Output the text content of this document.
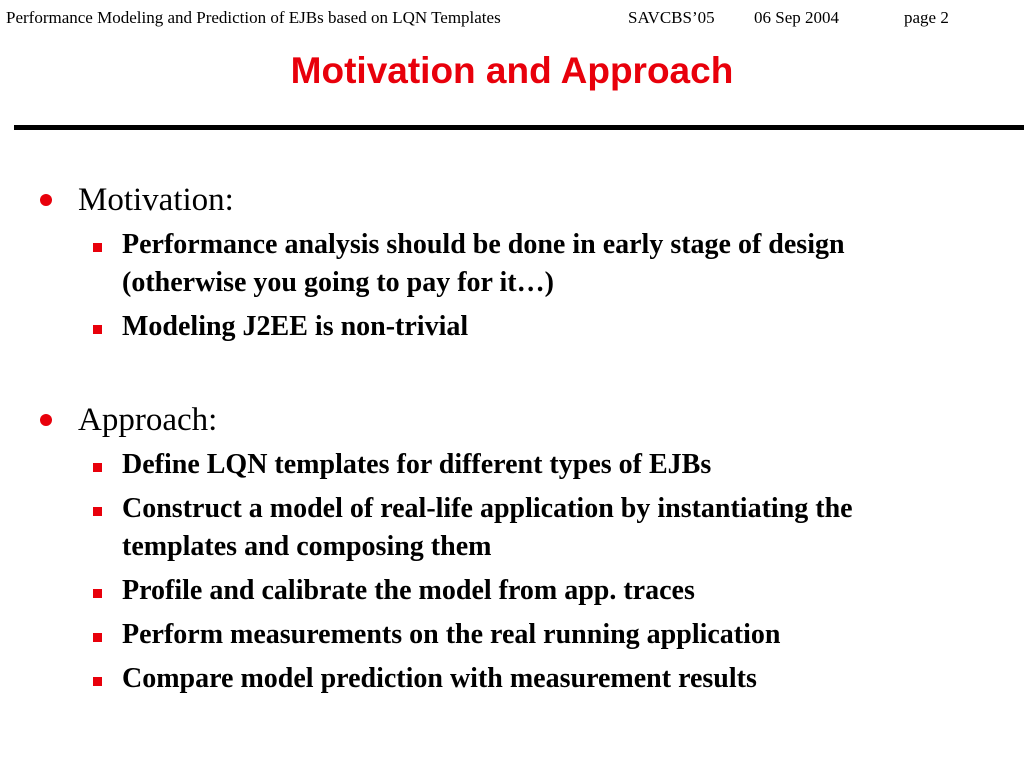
Performance Modeling and Prediction of EJBs based on LQN Templates	SAVCBS’05 06 Sep 2004	page 2
Motivation and Approach
Motivation:
Performance analysis should be done in early stage of design (otherwise you going to pay for it…)
Modeling J2EE is non-trivial
Approach:
Define LQN templates for different types of EJBs
Construct a model of real-life application by instantiating the templates and composing them
Profile and calibrate the model from app. traces
Perform measurements on the real running application
Compare model prediction with measurement results
